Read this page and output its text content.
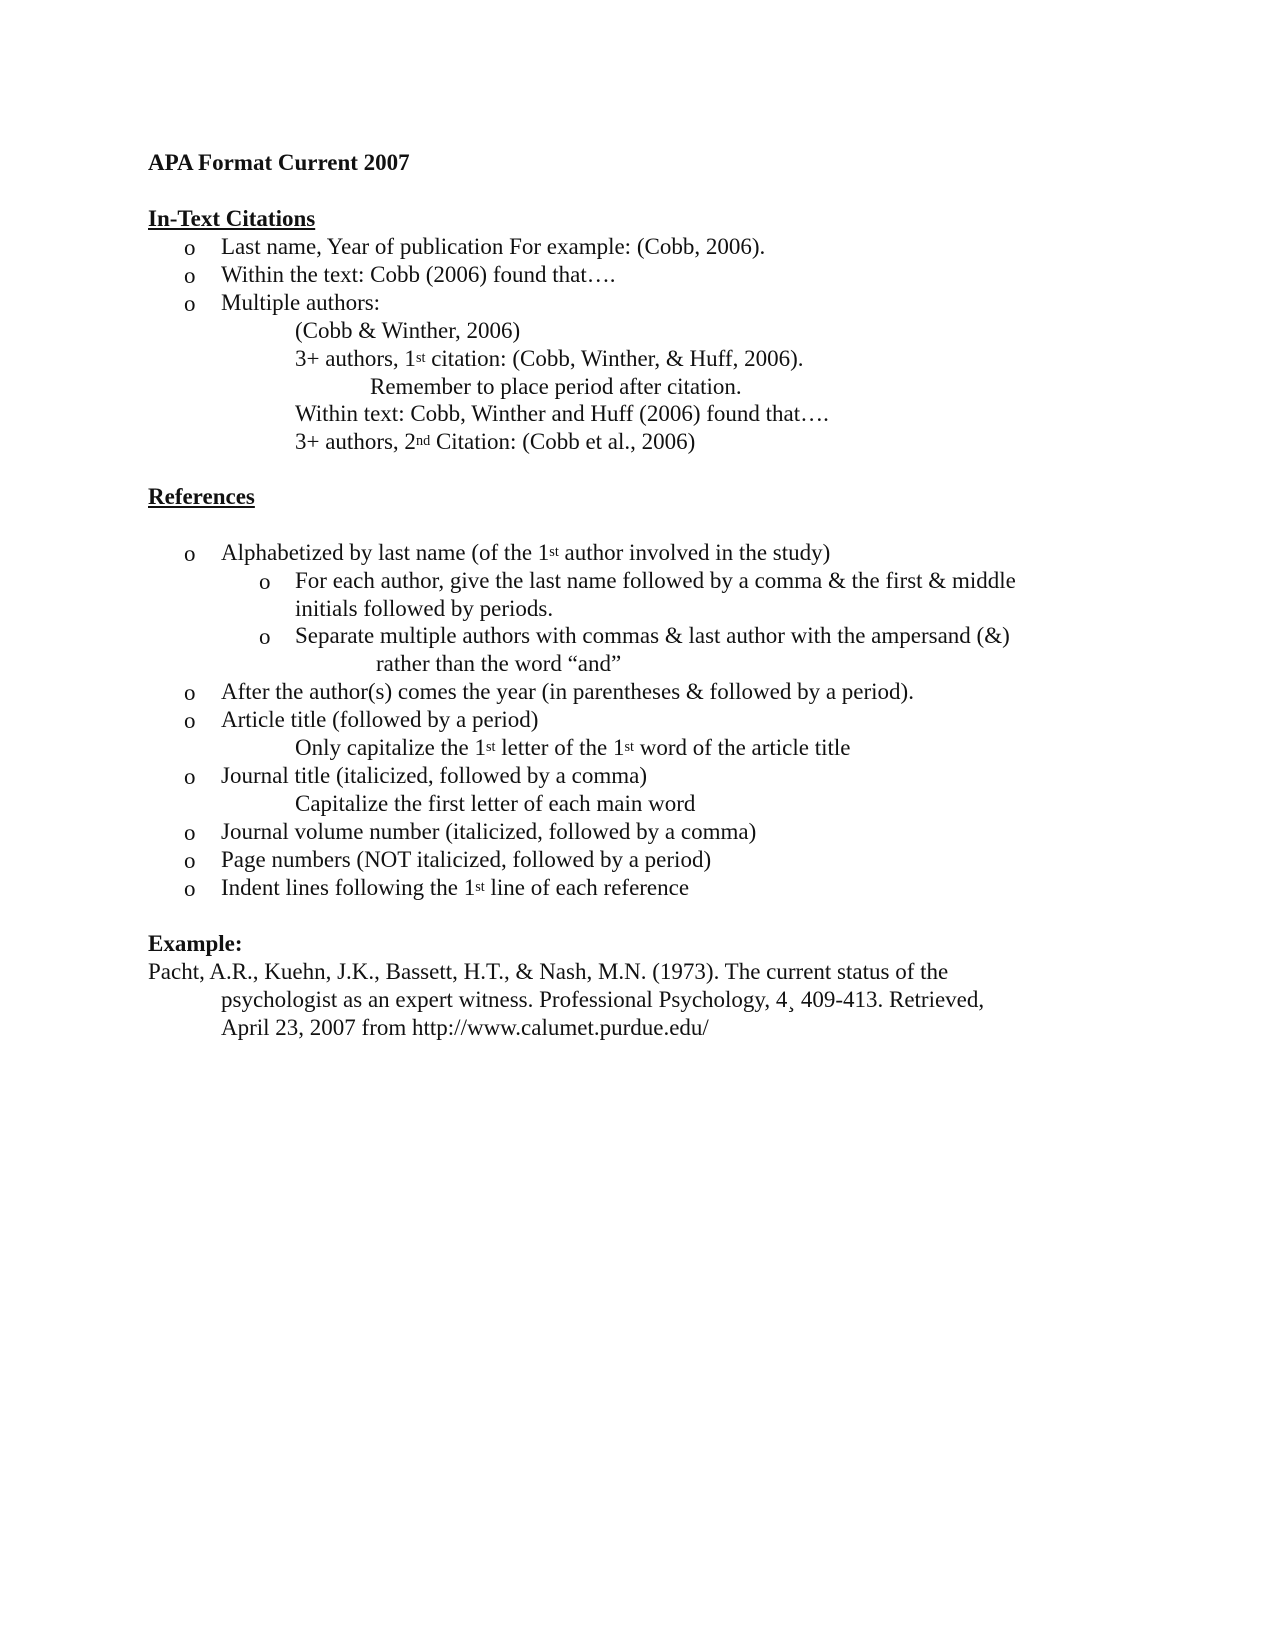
APA Format Current 2007
In-Text Citations
o Last name, Year of publication For example: (Cobb, 2006).
o Within the text: Cobb (2006) found that….
o Multiple authors:
(Cobb & Winther, 2006)
3+ authors, 1st citation: (Cobb, Winther, & Huff, 2006).
Remember to place period after citation.
Within text: Cobb, Winther and Huff (2006) found that….
3+ authors, 2nd Citation: (Cobb et al., 2006)
References
o Alphabetized by last name (of the 1st author involved in the study)
o For each author, give the last name followed by a comma & the first & middle
initials followed by periods.
o Separate multiple authors with commas & last author with the ampersand (&)
rather than the word “and”
o After the author(s) comes the year (in parentheses & followed by a period).
o Article title (followed by a period)
Only capitalize the 1st letter of the 1st word of the article title
o Journal title (italicized, followed by a comma)
Capitalize the first letter of each main word
o Journal volume number (italicized, followed by a comma)
o Page numbers (NOT italicized, followed by a period)
o Indent lines following the 1st line of each reference
Example:
Pacht, A.R., Kuehn, J.K., Bassett, H.T., & Nash, M.N. (1973). The current status of the
psychologist as an expert witness. Professional Psychology, 4¸ 409-413. Retrieved,
April 23, 2007 from http://www.calumet.purdue.edu/
